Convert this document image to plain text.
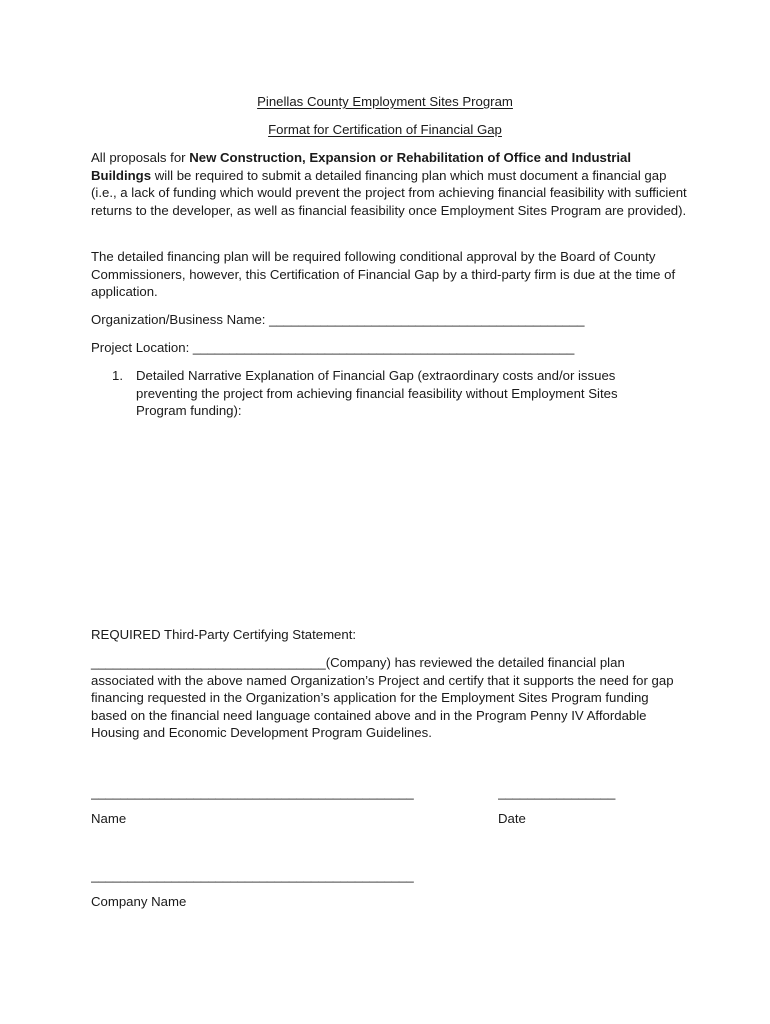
Pinellas County Employment Sites Program
Format for Certification of Financial Gap

All proposals for New Construction, Expansion or Rehabilitation of Office and Industrial Buildings will be required to submit a detailed financing plan which must document a financial gap (i.e., a lack of funding which would prevent the project from achieving financial feasibility with sufficient returns to the developer, as well as financial feasibility once Employment Sites Program are provided).

The detailed financing plan will be required following conditional approval by the Board of County Commissioners, however, this Certification of Financial Gap by a third-party firm is due at the time of application.

Organization/Business Name: ___________________________________________
Project Location: ____________________________________________________
1. Detailed Narrative Explanation of Financial Gap (extraordinary costs and/or issues preventing the project from achieving financial feasibility without Employment Sites Program funding):
REQUIRED Third-Party Certifying Statement:

________________________________(Company) has reviewed the detailed financial plan associated with the above named Organization’s Project and certify that it supports the need for gap financing requested in the Organization’s application for the Employment Sites Program funding based on the financial need language contained above and in the Program Penny IV Affordable Housing and Economic Development Program Guidelines.

____________________________________________
Name
________________
Date
____________________________________________
Company Name
